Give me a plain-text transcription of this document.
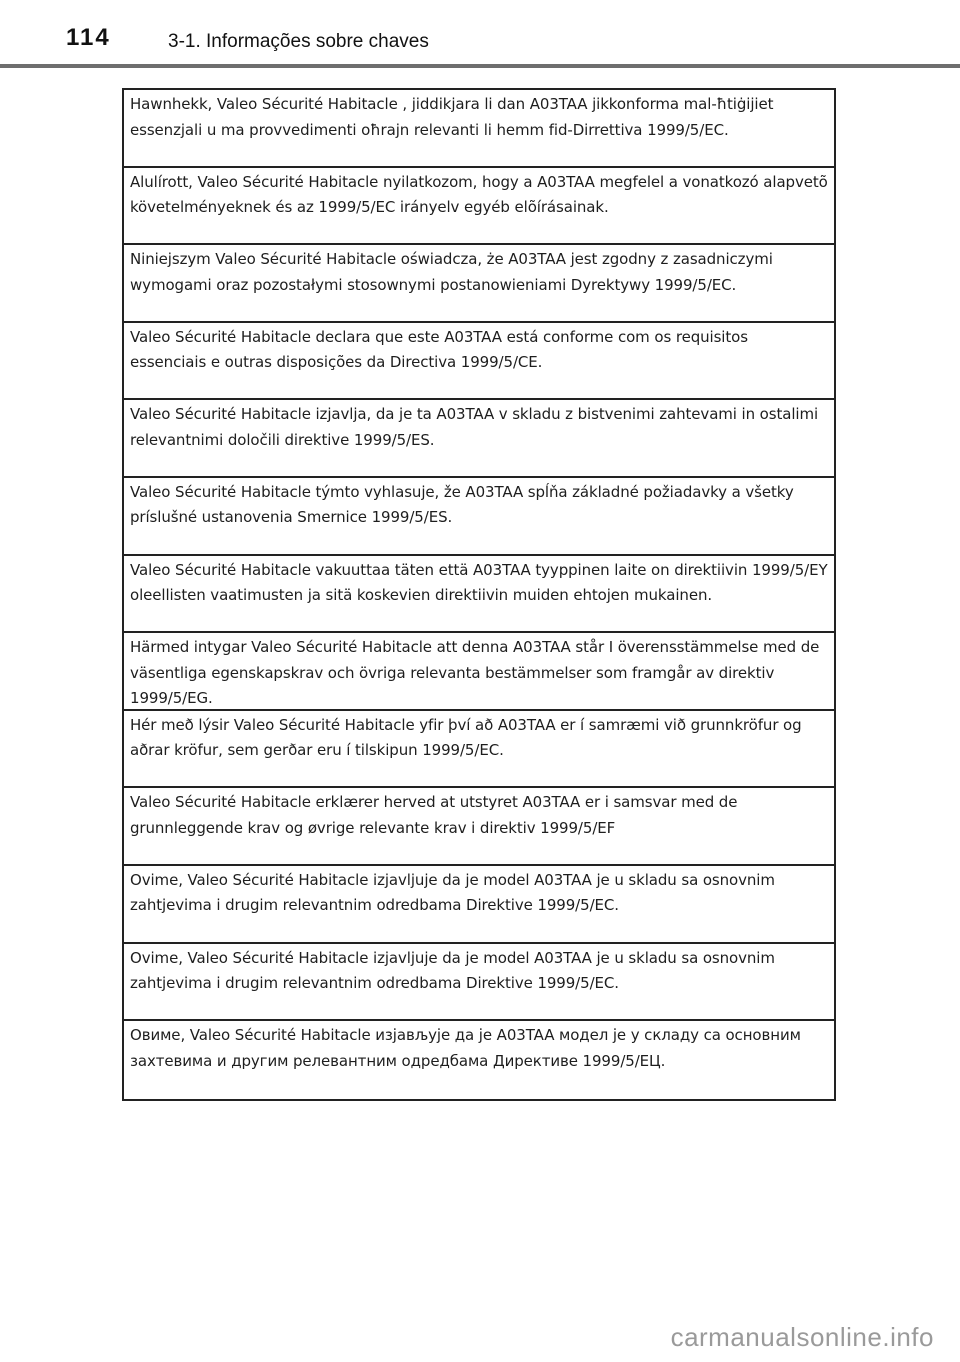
114	3-1. Informações sobre chaves
Hawnhekk, Valeo Sécurité Habitacle , jiddikjara li dan A03TAA jikkonforma mal-ħtiġijiet essenzjali u ma provvedimenti oħrajn relevanti li hemm fid-Dirrettiva 1999/5/EC.
Alulírott, Valeo Sécurité Habitacle nyilatkozom, hogy a A03TAA megfelel a vonatkozó alapvetõ követelményeknek és az 1999/5/EC irányelv egyéb elõírásainak.
Niniejszym Valeo Sécurité Habitacle oświadcza, że A03TAA jest zgodny z zasadniczymi wymogami oraz pozostałymi stosownymi postanowieniami Dyrektywy 1999/5/EC.
Valeo Sécurité Habitacle declara que este A03TAA está conforme com os requisitos essenciais e outras disposições da Directiva 1999/5/CE.
Valeo Sécurité Habitacle izjavlja, da je ta A03TAA v skladu z bistvenimi zahtevami in ostalimi relevantnimi določili direktive 1999/5/ES.
Valeo Sécurité Habitacle týmto vyhlasuje, že A03TAA spĺňa základné požiadavky a všetky príslušné ustanovenia Smernice 1999/5/ES.
Valeo Sécurité Habitacle vakuuttaa täten että A03TAA tyyppinen laite on direktiivin 1999/5/EY oleellisten vaatimusten ja sitä koskevien direktiivin muiden ehtojen mukainen.
Härmed intygar Valeo Sécurité Habitacle att denna A03TAA står I överensstämmelse med de väsentliga egenskapskrav och övriga relevanta bestämmelser som framgår av direktiv 1999/5/EG.
Hér með lýsir Valeo Sécurité Habitacle yfir því að A03TAA er í samræmi við grunnkröfur og aðrar kröfur, sem gerðar eru í tilskipun 1999/5/EC.
Valeo Sécurité Habitacle erklærer herved at utstyret A03TAA er i samsvar med de grunnleggende krav og øvrige relevante krav i direktiv 1999/5/EF
Ovime, Valeo Sécurité Habitacle izjavljuje da je model A03TAA je u skladu sa osnovnim zahtjevima i drugim relevantnim odredbama Direktive 1999/5/EC.
Ovime, Valeo Sécurité Habitacle izjavljuje da je model A03TAA je u skladu sa osnovnim zahtjevima i drugim relevantnim odredbama Direktive 1999/5/EC.
Овиме, Valeo Sécurité Habitacle изјављује да је A03TAA модел је у складу са основним захтевима и другим релевантним одредбама Директиве 1999/5/ЕЦ.
carmanualsonline.info
